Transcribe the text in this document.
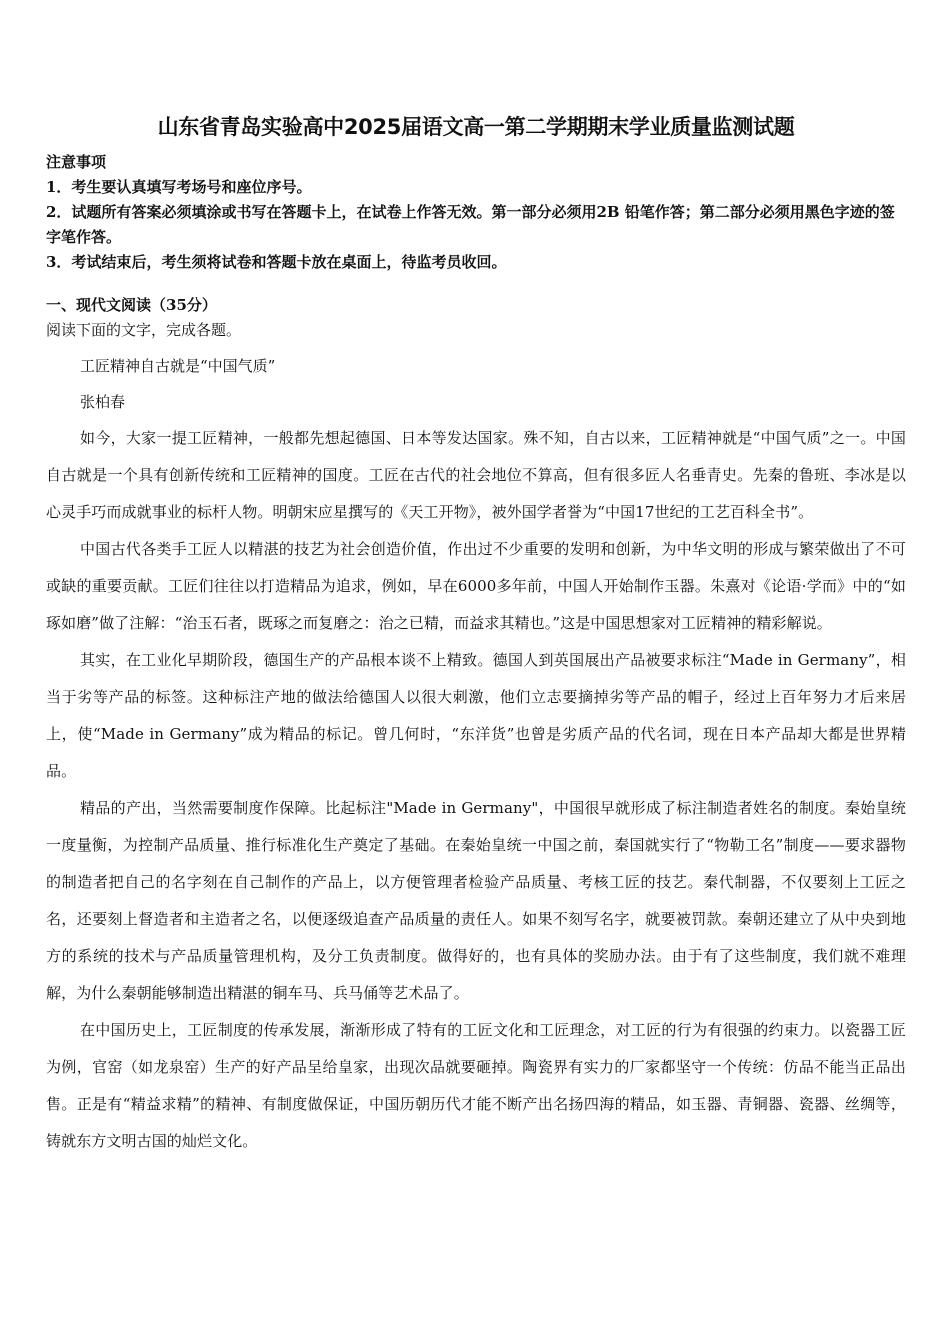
山东省青岛实验高中2025届语文高一第二学期期末学业质量监测试题

注意事项

1．考生要认真填写考场号和座位序号。

2．试题所有答案必须填涂或书写在答题卡上，在试卷上作答无效。第一部分必须用2B 铅笔作答；第二部分必须用黑色字迹的签字笔作答。

3．考试结束后，考生须将试卷和答题卡放在桌面上，待监考员收回。

一、现代文阅读（35分）

阅读下面的文字，完成各题。

工匠精神自古就是“中国气质”

张柏春

如今，大家一提工匠精神，一般都先想起德国、日本等发达国家。殊不知，自古以来，工匠精神就是“中国气质”之一。中国自古就是一个具有创新传统和工匠精神的国度。工匠在古代的社会地位不算高，但有很多匠人名垂青史。先秦的鲁班、李冰是以心灵手巧而成就事业的标杆人物。明朝宋应星撰写的《天工开物》，被外国学者誉为“中国17世纪的工艺百科全书”。

中国古代各类手工匠人以精湛的技艺为社会创造价值，作出过不少重要的发明和创新，为中华文明的形成与繁荣做出了不可或缺的重要贡献。工匠们往往以打造精品为追求，例如，早在6000多年前，中国人开始制作玉器。朱熹对《论语·学而》中的“如琢如磨”做了注解：“治玉石者，既琢之而复磨之：治之已精，而益求其精也。”这是中国思想家对工匠精神的精彩解说。

其实，在工业化早期阶段，德国生产的产品根本谈不上精致。德国人到英国展出产品被要求标注“Made in Germany”，相当于劣等产品的标签。这种标注产地的做法给德国人以很大刺激，他们立志要摘掉劣等产品的帽子，经过上百年努力才后来居上，使“Made in Germany”成为精品的标记。曾几何时，“东洋货”也曾是劣质产品的代名词，现在日本产品却大都是世界精品。

精品的产出，当然需要制度作保障。比起标注"Made in Germany"，中国很早就形成了标注制造者姓名的制度。秦始皇统一度量衡，为控制产品质量、推行标准化生产奠定了基础。在秦始皇统一中国之前，秦国就实行了“物勒工名”制度——要求器物的制造者把自己的名字刻在自己制作的产品上，以方便管理者检验产品质量、考核工匠的技艺。秦代制器，不仅要刻上工匠之名，还要刻上督造者和主造者之名，以便逐级追查产品质量的责任人。如果不刻写名字，就要被罚款。秦朝还建立了从中央到地方的系统的技术与产品质量管理机构，及分工负责制度。做得好的，也有具体的奖励办法。由于有了这些制度，我们就不难理解，为什么秦朝能够制造出精湛的铜车马、兵马俑等艺术品了。

在中国历史上，工匠制度的传承发展，渐渐形成了特有的工匠文化和工匠理念，对工匠的行为有很强的约束力。以瓷器工匠为例，官窑（如龙泉窑）生产的好产品呈给皇家，出现次品就要砸掉。陶瓷界有实力的厂家都坚守一个传统：仿品不能当正品出售。正是有“精益求精”的精神、有制度做保证，中国历朝历代才能不断产出名扬四海的精品，如玉器、青铜器、瓷器、丝绸等，铸就东方文明古国的灿烂文化。
